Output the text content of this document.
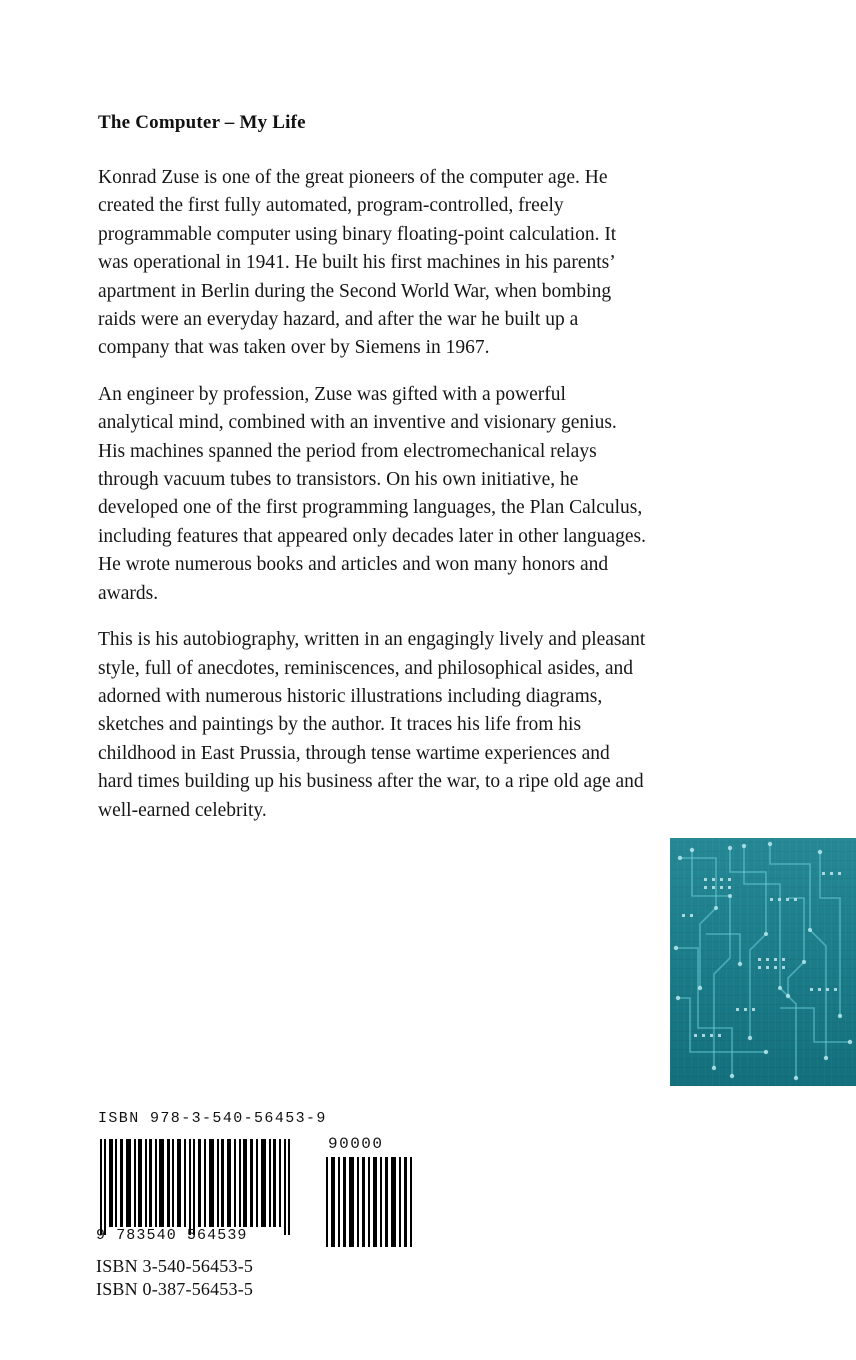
The Computer – My Life

Konrad Zuse is one of the great pioneers of the computer age. He created the first fully automated, program-controlled, freely programmable computer using binary floating-point calculation. It was operational in 1941. He built his first machines in his parents’ apartment in Berlin during the Second World War, when bombing raids were an everyday hazard, and after the war he built up a company that was taken over by Siemens in 1967.

An engineer by profession, Zuse was gifted with a powerful analytical mind, combined with an inventive and visionary genius. His machines spanned the period from electromechanical relays through vacuum tubes to transistors. On his own initiative, he developed one of the first programming languages, the Plan Calculus, including features that appeared only decades later in other languages. He wrote numerous books and articles and won many honors and awards.

This is his autobiography, written in an engagingly lively and pleasant style, full of anecdotes, reminiscences, and philosophical asides, and adorned with numerous historic illustrations including diagrams, sketches and paintings by the author. It traces his life from his childhood in East Prussia, through tense wartime experiences and hard times building up his business after the war, to a ripe old age and well-earned celebrity.

ISBN 978-3-540-56453-9
90000
9 783540 564539
ISBN 3-540-56453-5
ISBN 0-387-56453-5
